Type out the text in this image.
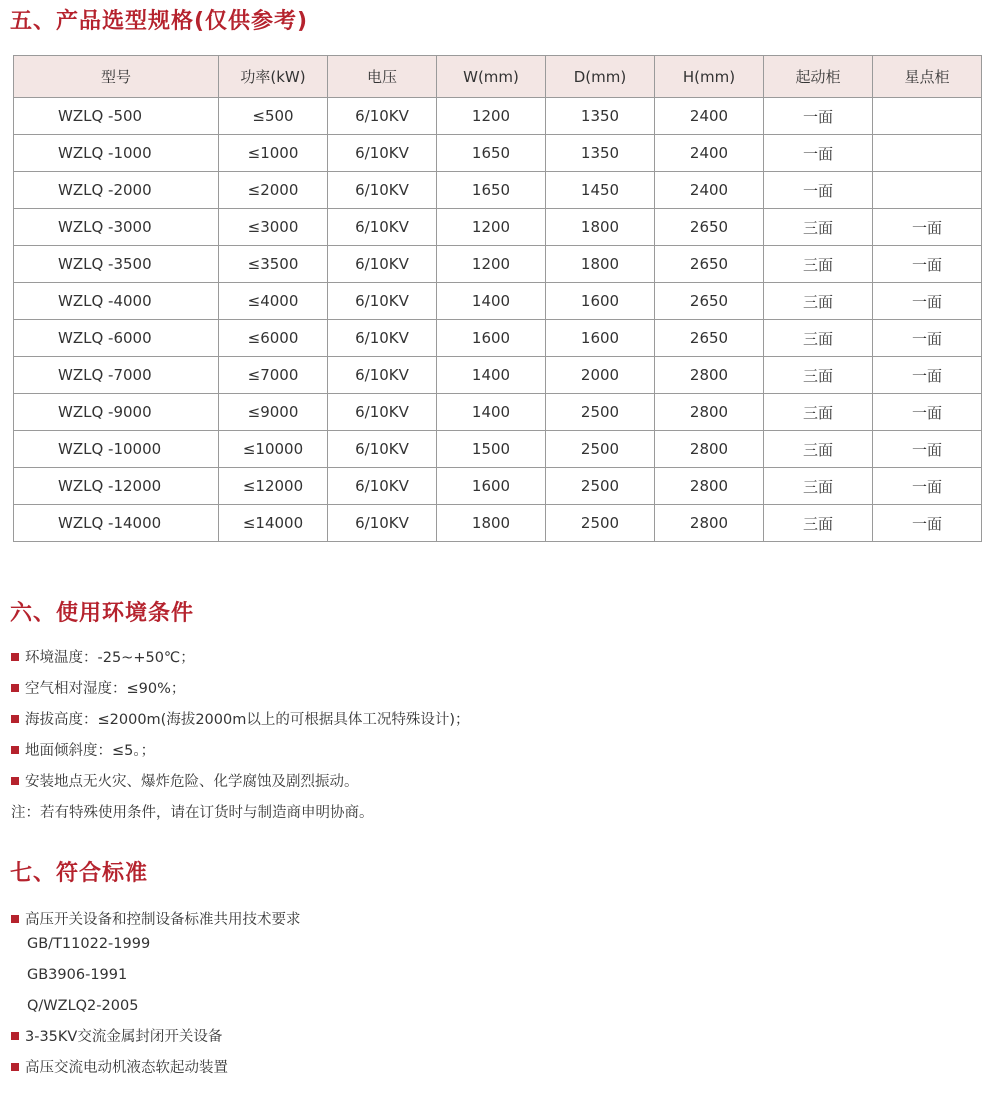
五、产品选型规格(仅供参考)
型号	功率(kW)	电压	W(mm)	D(mm)	H(mm)	起动柜	星点柜
WZLQ -500	≤500	6/10KV	1200	1350	2400	一面	
WZLQ -1000	≤1000	6/10KV	1650	1350	2400	一面	
WZLQ -2000	≤2000	6/10KV	1650	1450	2400	一面	
WZLQ -3000	≤3000	6/10KV	1200	1800	2650	三面	一面
WZLQ -3500	≤3500	6/10KV	1200	1800	2650	三面	一面
WZLQ -4000	≤4000	6/10KV	1400	1600	2650	三面	一面
WZLQ -6000	≤6000	6/10KV	1600	1600	2650	三面	一面
WZLQ -7000	≤7000	6/10KV	1400	2000	2800	三面	一面
WZLQ -9000	≤9000	6/10KV	1400	2500	2800	三面	一面
WZLQ -10000	≤10000	6/10KV	1500	2500	2800	三面	一面
WZLQ -12000	≤12000	6/10KV	1600	2500	2800	三面	一面
WZLQ -14000	≤14000	6/10KV	1800	2500	2800	三面	一面
六、使用环境条件
环境温度：-25~+50℃；
空气相对湿度：≤90%；
海拔高度：≤2000m(海拔2000m以上的可根据具体工况特殊设计)；
地面倾斜度：≤5。；
安装地点无火灾、爆炸危险、化学腐蚀及剧烈振动。
注：若有特殊使用条件，请在订货时与制造商申明协商。
七、符合标准
高压开关设备和控制设备标准共用技术要求
GB/T11022-1999
GB3906-1991
Q/WZLQ2-2005
3-35KV交流金属封闭开关设备
高压交流电动机液态软起动装置
